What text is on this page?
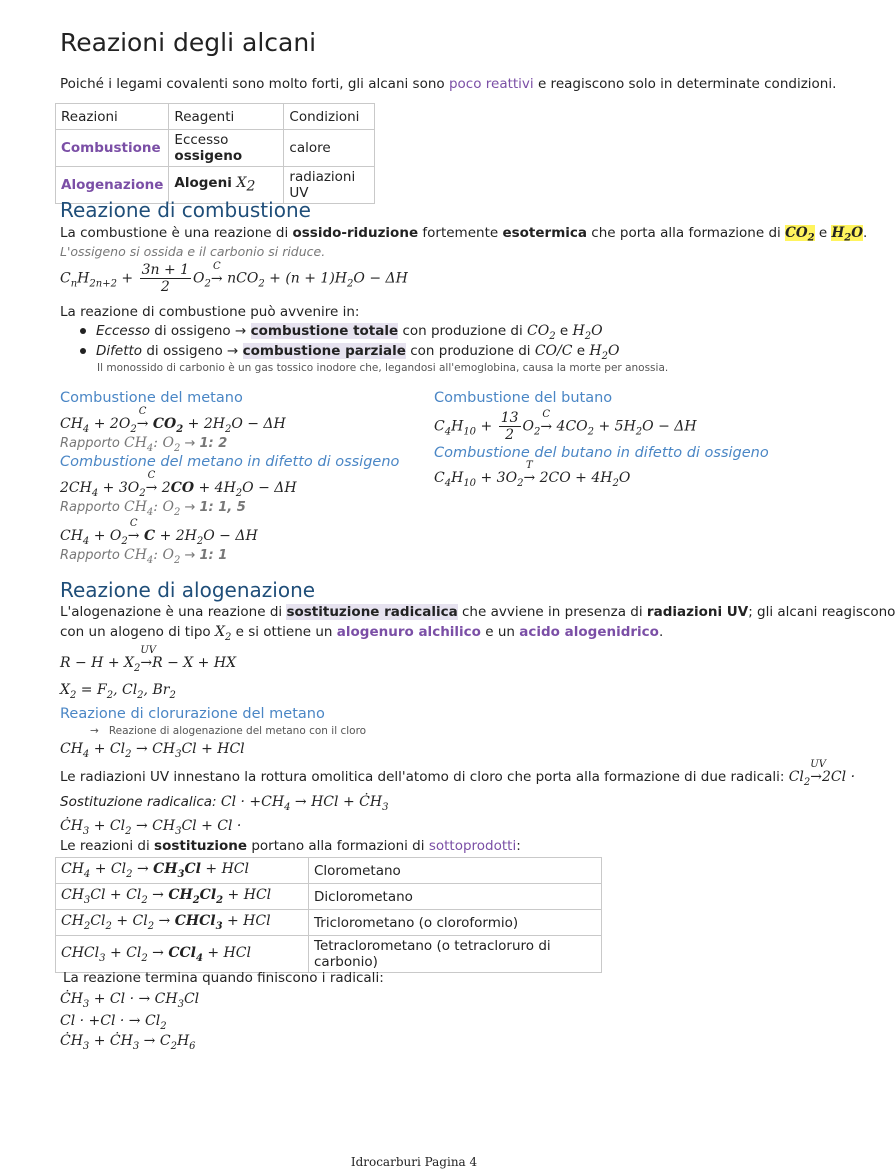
Reazioni degli alcani
Poiché i legami covalenti sono molto forti, gli alcani sono poco reattivi e reagiscono solo in determinate condizioni.
Reazioni	Reagenti	Condizioni
Combustione	Eccesso ossigeno	calore
Alogenazione	Alogeni $X_2$	radiazioni UV
Reazione di combustione
La combustione è una reazione di ossido-riduzione fortemente esotermica che porta alla formazione di $CO_2$ e $H_2O$.
L'ossigeno si ossida e il carbonio si riduce.
$C_nH_{2n+2} + \frac{3n + 1}{2} O_2$
C
→ $nCO_2 + (n + 1)H_2O - \Delta H$
La reazione di combustione può avvenire in:
Eccesso di ossigeno → combustione totale con produzione di $CO_2$ e $H_2O$
Difetto di ossigeno → combustione parziale con produzione di CO/C e $H_2O$
Il monossido di carbonio è un gas tossico inodore che, legandosi all'emoglobina, causa la morte per anossia.
Combustione del metano
$CH_4 + 2O_2$
C
→ $CO_2 + 2H_2O - \Delta H$
Rapporto $CH_4$: $O_2 \to 1$: 2
Combustione del metano in difetto di ossigeno
$2CH_4 + 3O_2$
C
→ $2CO + 4H_2O - \Delta H$
Rapporto $CH_4$: $O_2 \to 1$: 1, 5
$CH_4 + O_2$
C
→ $C + 2H_2O - \Delta H$
Rapporto $CH_4$: $O_2 \to 1$: 1
Combustione del butano
$C_4H_{10} + \frac{13}{2} O_2$
C
→ $4CO_2 + 5H_2O - \Delta H$
Combustione del butano in difetto di ossigeno
$C_4H_{10} + 3O_2$
T
→ $2CO + 4H_2O$
Reazione di alogenazione
L'alogenazione è una reazione di sostituzione radicalica che avviene in presenza di radiazioni UV; gli alcani reagiscono
con un alogeno di tipo $X_2$ e si ottiene un alogenuro alchilico e un acido alogenidrico.
$R - H + X_2$
UV
→R − X + HX
$X_2 = F_2$, $Cl_2$, $Br_2$
Reazione di clorurazione del metano
→   Reazione di alogenazione del metano con il cloro
$CH_4 + Cl_2 \to CH_3Cl$ + HCl
Le radiazioni UV innestano la rottura omolitica dell'atomo di cloro che porta alla formazione di due radicali: $Cl_2$
UV
→2Cl ·
Sostituzione radicalica: $Cl \cdot +CH_4$ → HCl + $ĊH_3$
$ĊH_3 + Cl_2 \to CH_3Cl + Cl$ ·
Le reazioni di sostituzione portano alla formazioni di sottoprodotti:
$CH_4 + Cl_2 \to CH_3Cl$ + HCl	Clorometano
$CH_3Cl + Cl_2 \to CH_2Cl_2$ + HCl	Diclorometano
$CH_2Cl_2 + Cl_2$ → CHCl$_3$ + HCl	Triclorometano (o cloroformio)
CHCl$_3$ + $Cl_2 \to CCl_4$ + HCl	Tetraclorometano (o tetracloruro di carbonio)
La reazione termina quando finiscono i radicali:
$ĊH_3 + Cl$ · → $CH_3Cl$
Cl · +Cl · → $Cl_2$
$ĊH_3$ + $ĊH_3 \to C_2H_6$
Idrocarburi Pagina 4
